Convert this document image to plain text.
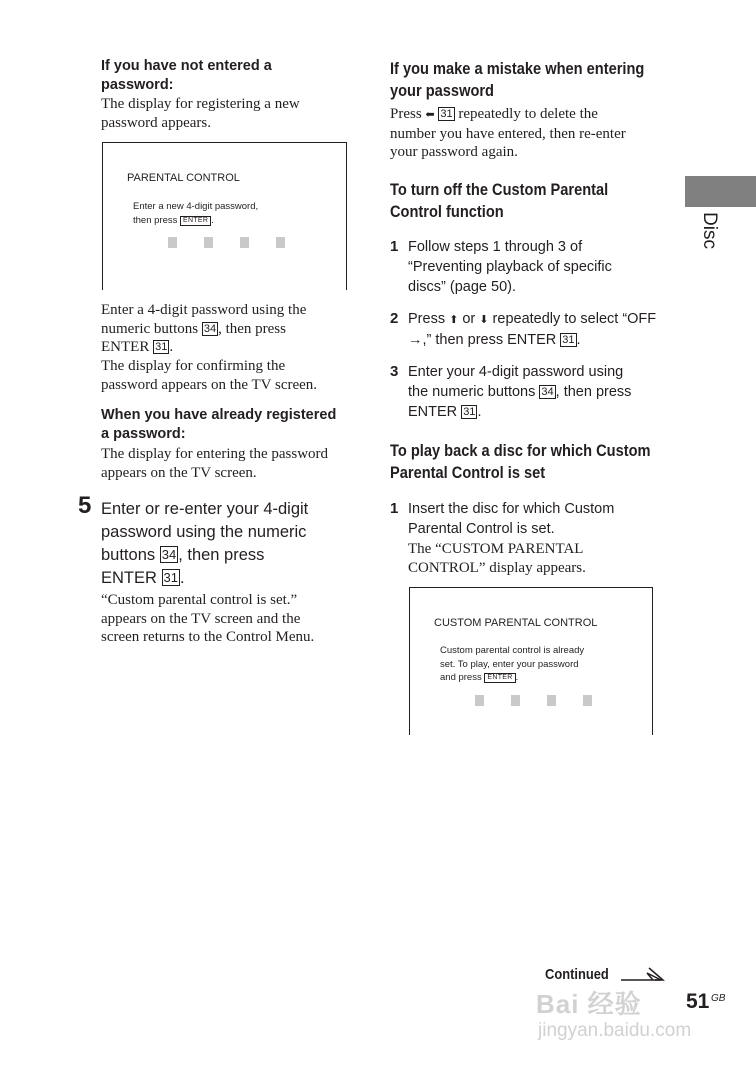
If you have not entered a
password:
The display for registering a new
password appears.
PARENTAL CONTROL
Enter a new 4-digit password,
then press ENTER .
Enter a 4-digit password using the
numeric buttons 34 , then press
ENTER 31 .
The display for confirming the
password appears on the TV screen.
When you have already registered
a password:
The display for entering the password
appears on the TV screen.
5 Enter or re-enter your 4-digit
password using the numeric
buttons 34 , then press
ENTER 31 .
“Custom parental control is set.”
appears on the TV screen and the
screen returns to the Control Menu.
If you make a mistake when entering
your password
Press ⬅ 31 repeatedly to delete the
number you have entered, then re-enter
your password again.
To turn off the Custom Parental
Control function
1 Follow steps 1 through 3 of
“Preventing playback of specific
discs” (page 50).
2 Press ⬆ or ⬇ repeatedly to select “OFF
→,” then press ENTER 31 .
3 Enter your 4-digit password using
the numeric buttons 34 , then press
ENTER 31 .
To play back a disc for which Custom
Parental Control is set
1 Insert the disc for which Custom
Parental Control is set.
The “CUSTOM PARENTAL
CONTROL” display appears.
CUSTOM PARENTAL CONTROL
Custom parental control is already
set. To play, enter your password
and press ENTER .
Disc
Continued
51 GB
Bai 经验
jingyan.baidu.com
